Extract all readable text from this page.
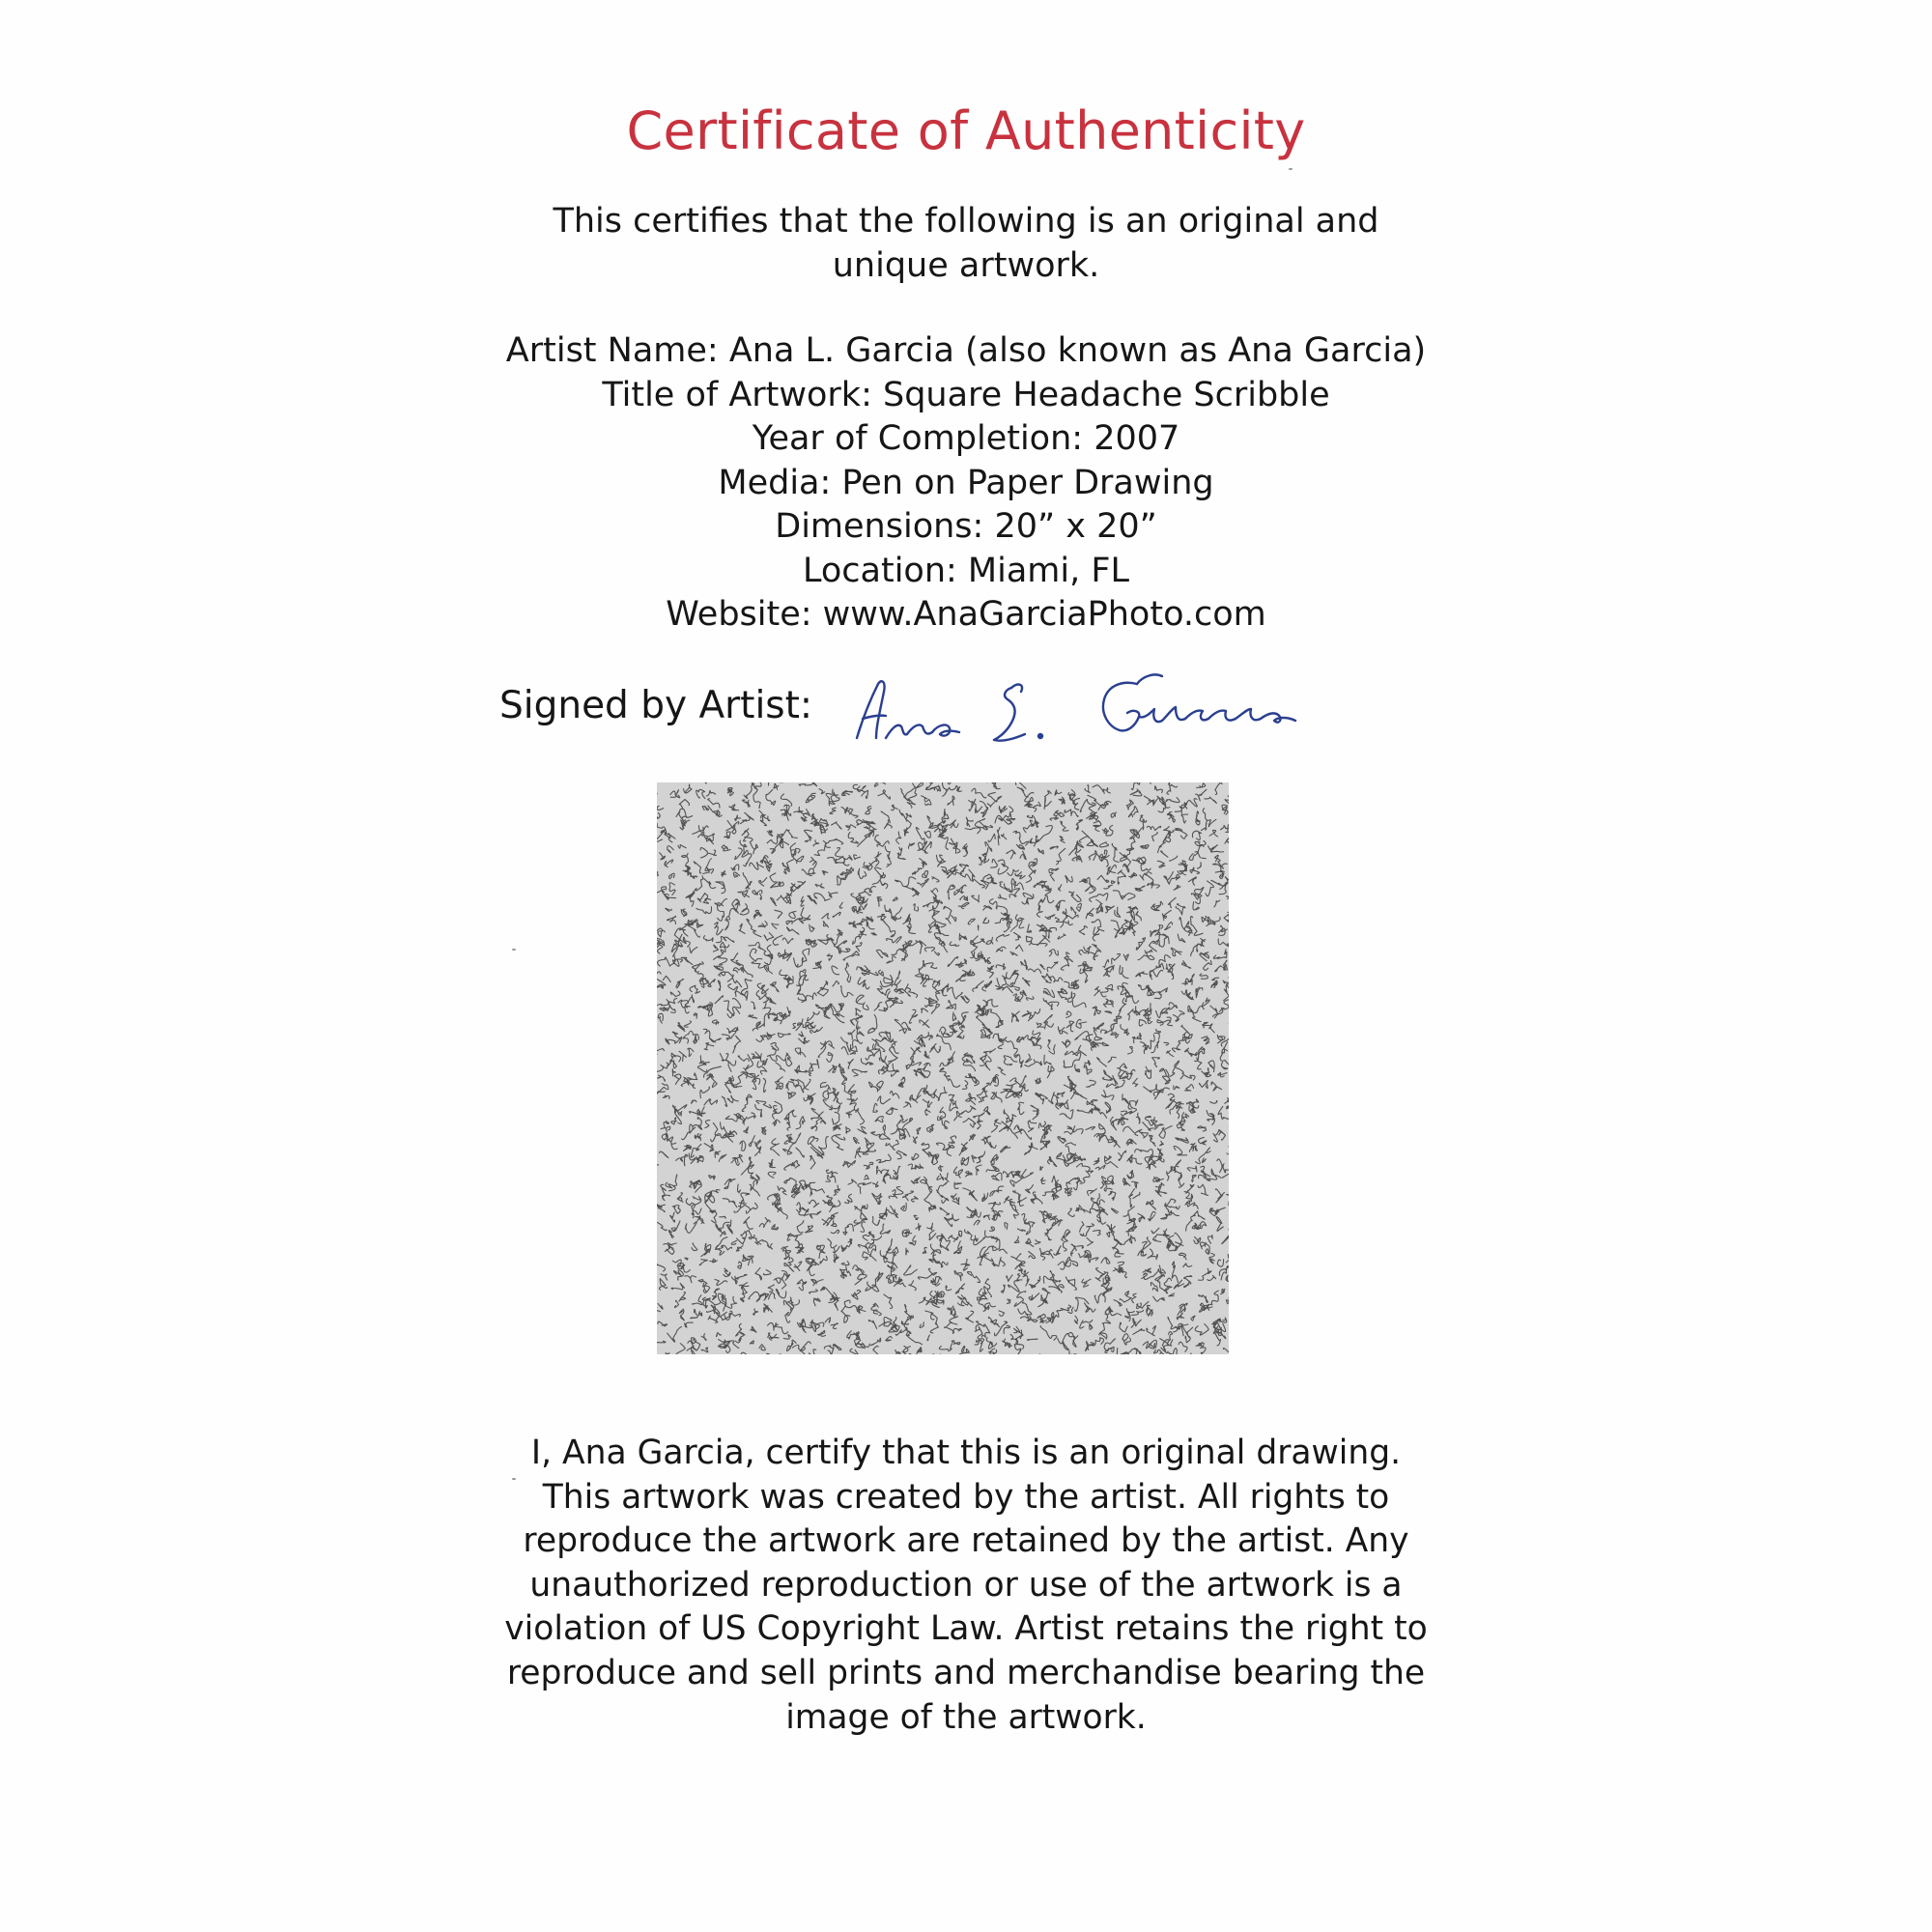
Certificate of Authenticity
This certifies that the following is an original and
unique artwork.
Artist Name: Ana L. Garcia (also known as Ana Garcia)
Title of Artwork: Square Headache Scribble
Year of Completion: 2007
Media: Pen on Paper Drawing
Dimensions: 20” x 20”
Location: Miami, FL
Website: www.AnaGarciaPhoto.com
Signed by Artist:
I, Ana Garcia, certify that this is an original drawing.
This artwork was created by the artist. All rights to
reproduce the artwork are retained by the artist. Any
unauthorized reproduction or use of the artwork is a
violation of US Copyright Law. Artist retains the right to
reproduce and sell prints and merchandise bearing the
image of the artwork.
